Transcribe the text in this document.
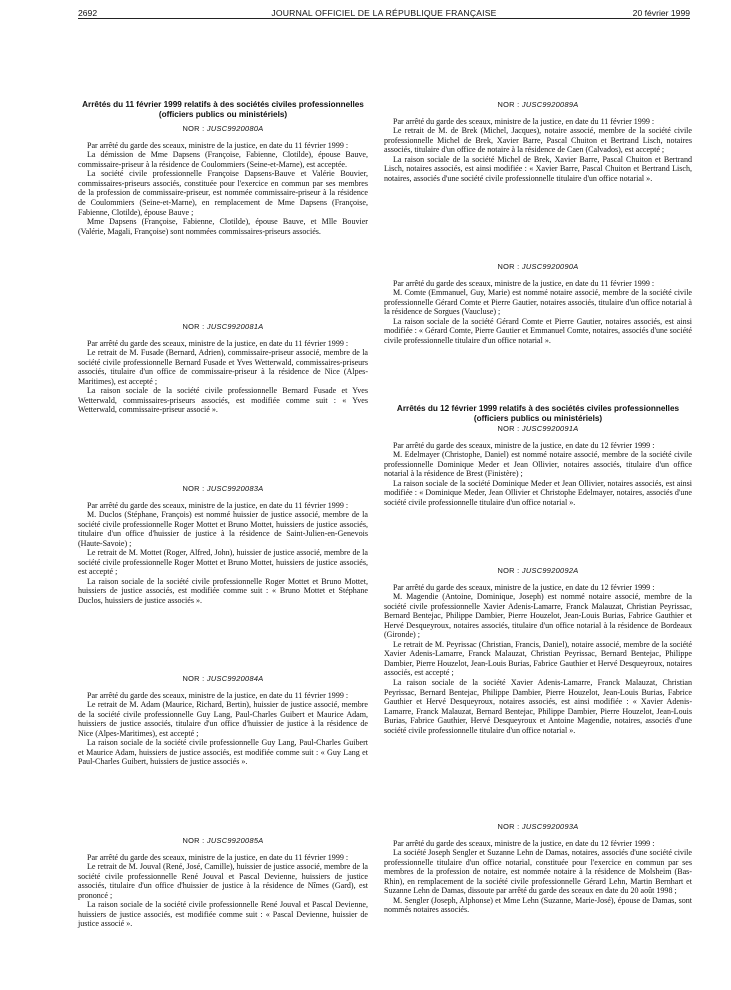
2692	JOURNAL OFFICIEL DE LA RÉPUBLIQUE FRANÇAISE	20 février 1999
Arrêtés du 11 février 1999 relatifs à des sociétés civiles professionnelles (officiers publics ou ministériels)
NOR : JUSC9920080A

Par arrêté du garde des sceaux, ministre de la justice, en date du 11 février 1999 :

La démission de Mme Dapsens (Françoise, Fabienne, Clotilde), épouse Bauve, commissaire-priseur à la résidence de Coulommiers (Seine-et-Marne), est acceptée.

La société civile professionnelle Françoise Dapsens-Bauve et Valérie Bouvier, commissaires-priseurs associés, constituée pour l'exercice en commun par ses membres de la profession de commissaire-priseur, est nommée commissaire-priseur à la résidence de Coulommiers (Seine-et-Marne), en remplacement de Mme Dapsens (Françoise, Fabienne, Clotilde), épouse Bauve ;

Mme Dapsens (Françoise, Fabienne, Clotilde), épouse Bauve, et Mlle Bouvier (Valérie, Magali, Françoise) sont nommées commissaires-priseurs associés.

NOR : JUSC9920081A

Par arrêté du garde des sceaux, ministre de la justice, en date du 11 février 1999 :

Le retrait de M. Fusade (Bernard, Adrien), commissaire-priseur associé, membre de la société civile professionnelle Bernard Fusade et Yves Wetterwald, commissaires-priseurs associés, titulaire d'un office de commissaire-priseur à la résidence de Nice (Alpes-Maritimes), est accepté ;

La raison sociale de la société civile professionnelle Bernard Fusade et Yves Wetterwald, commissaires-priseurs associés, est modifiée comme suit : « Yves Wetterwald, commissaire-priseur associé ».

NOR : JUSC9920083A

Par arrêté du garde des sceaux, ministre de la justice, en date du 11 février 1999 :

M. Duclos (Stéphane, François) est nommé huissier de justice associé, membre de la société civile professionnelle Roger Mottet et Bruno Mottet, huissiers de justice associés, titulaire d'un office d'huissier de justice à la résidence de Saint-Julien-en-Genevois (Haute-Savoie) ;

Le retrait de M. Mottet (Roger, Alfred, John), huissier de justice associé, membre de la société civile professionnelle Roger Mottet et Bruno Mottet, huissiers de justice associés, est accepté ;

La raison sociale de la société civile professionnelle Roger Mottet et Bruno Mottet, huissiers de justice associés, est modifiée comme suit : « Bruno Mottet et Stéphane Duclos, huissiers de justice associés ».

NOR : JUSC9920084A

Par arrêté du garde des sceaux, ministre de la justice, en date du 11 février 1999 :

Le retrait de M. Adam (Maurice, Richard, Bertin), huissier de justice associé, membre de la société civile professionnelle Guy Lang, Paul-Charles Guibert et Maurice Adam, huissiers de justice associés, titulaire d'un office d'huissier de justice à la résidence de Nice (Alpes-Maritimes), est accepté ;

La raison sociale de la société civile professionnelle Guy Lang, Paul-Charles Guibert et Maurice Adam, huissiers de justice associés, est modifiée comme suit : « Guy Lang et Paul-Charles Guibert, huissiers de justice associés ».

NOR : JUSC9920085A

Par arrêté du garde des sceaux, ministre de la justice, en date du 11 février 1999 :

Le retrait de M. Jouval (René, José, Camille), huissier de justice associé, membre de la société civile professionnelle René Jouval et Pascal Devienne, huissiers de justice associés, titulaire d'un office d'huissier de justice à la résidence de Nîmes (Gard), est prononcé ;

La raison sociale de la société civile professionnelle René Jouval et Pascal Devienne, huissiers de justice associés, est modifiée comme suit : « Pascal Devienne, huissier de justice associé ».

NOR : JUSC9920089A

Par arrêté du garde des sceaux, ministre de la justice, en date du 11 février 1999 :

Le retrait de M. de Brek (Michel, Jacques), notaire associé, membre de la société civile professionnelle Michel de Brek, Xavier Barre, Pascal Chuiton et Bertrand Lisch, notaires associés, titulaire d'un office de notaire à la résidence de Caen (Calvados), est accepté ;

La raison sociale de la société Michel de Brek, Xavier Barre, Pascal Chuiton et Bertrand Lisch, notaires associés, est ainsi modifiée : « Xavier Barre, Pascal Chuiton et Bertrand Lisch, notaires, associés d'une société civile professionnelle titulaire d'un office notarial ».

NOR : JUSC9920090A

Par arrêté du garde des sceaux, ministre de la justice, en date du 11 février 1999 :

M. Comte (Emmanuel, Guy, Marie) est nommé notaire associé, membre de la société civile professionnelle Gérard Comte et Pierre Gautier, notaires associés, titulaire d'un office notarial à la résidence de Sorgues (Vaucluse) ;

La raison sociale de la société Gérard Comte et Pierre Gautier, notaires associés, est ainsi modifiée : « Gérard Comte, Pierre Gautier et Emmanuel Comte, notaires, associés d'une société civile professionnelle titulaire d'un office notarial ».

Arrêtés du 12 février 1999 relatifs à des sociétés civiles professionnelles (officiers publics ou ministériels)
NOR : JUSC9920091A

Par arrêté du garde des sceaux, ministre de la justice, en date du 12 février 1999 :

M. Edelmayer (Christophe, Daniel) est nommé notaire associé, membre de la société civile professionnelle Dominique Meder et Jean Ollivier, notaires associés, titulaire d'un office notarial à la résidence de Brest (Finistère) ;

La raison sociale de la société Dominique Meder et Jean Ollivier, notaires associés, est ainsi modifiée : « Dominique Meder, Jean Ollivier et Christophe Edelmayer, notaires, associés d'une société civile professionnelle titulaire d'un office notarial ».

NOR : JUSC9920092A

Par arrêté du garde des sceaux, ministre de la justice, en date du 12 février 1999 :

M. Magendie (Antoine, Dominique, Joseph) est nommé notaire associé, membre de la société civile professionnelle Xavier Adenis-Lamarre, Franck Malauzat, Christian Peyrissac, Bernard Bentejac, Philippe Dambier, Pierre Houzelot, Jean-Louis Burias, Fabrice Gauthier et Hervé Desqueyroux, notaires associés, titulaire d'un office notarial à la résidence de Bordeaux (Gironde) ;

Le retrait de M. Peyrissac (Christian, Francis, Daniel), notaire associé, membre de la société Xavier Adenis-Lamarre, Franck Malauzat, Christian Peyrissac, Bernard Bentejac, Philippe Dambier, Pierre Houzelot, Jean-Louis Burias, Fabrice Gauthier et Hervé Desqueyroux, notaires associés, est accepté ;

La raison sociale de la société Xavier Adenis-Lamarre, Franck Malauzat, Christian Peyrissac, Bernard Bentejac, Philippe Dambier, Pierre Houzelot, Jean-Louis Burias, Fabrice Gauthier et Hervé Desqueyroux, notaires associés, est ainsi modifiée : « Xavier Adenis-Lamarre, Franck Malauzat, Bernard Bentejac, Philippe Dambier, Pierre Houzelot, Jean-Louis Burias, Fabrice Gauthier, Hervé Desqueyroux et Antoine Magendie, notaires, associés d'une société civile professionnelle titulaire d'un office notarial ».

NOR : JUSC9920093A

Par arrêté du garde des sceaux, ministre de la justice, en date du 12 février 1999 :

La société Joseph Sengler et Suzanne Lehn de Damas, notaires, associés d'une société civile professionnelle titulaire d'un office notarial, constituée pour l'exercice en commun par ses membres de la profession de notaire, est nommée notaire à la résidence de Molsheim (Bas-Rhin), en remplacement de la société civile professionnelle Gérard Lehn, Martin Bernhart et Suzanne Lehn de Damas, dissoute par arrêté du garde des sceaux en date du 20 août 1998 ;

M. Sengler (Joseph, Alphonse) et Mme Lehn (Suzanne, Marie-José), épouse de Damas, sont nommés notaires associés.
